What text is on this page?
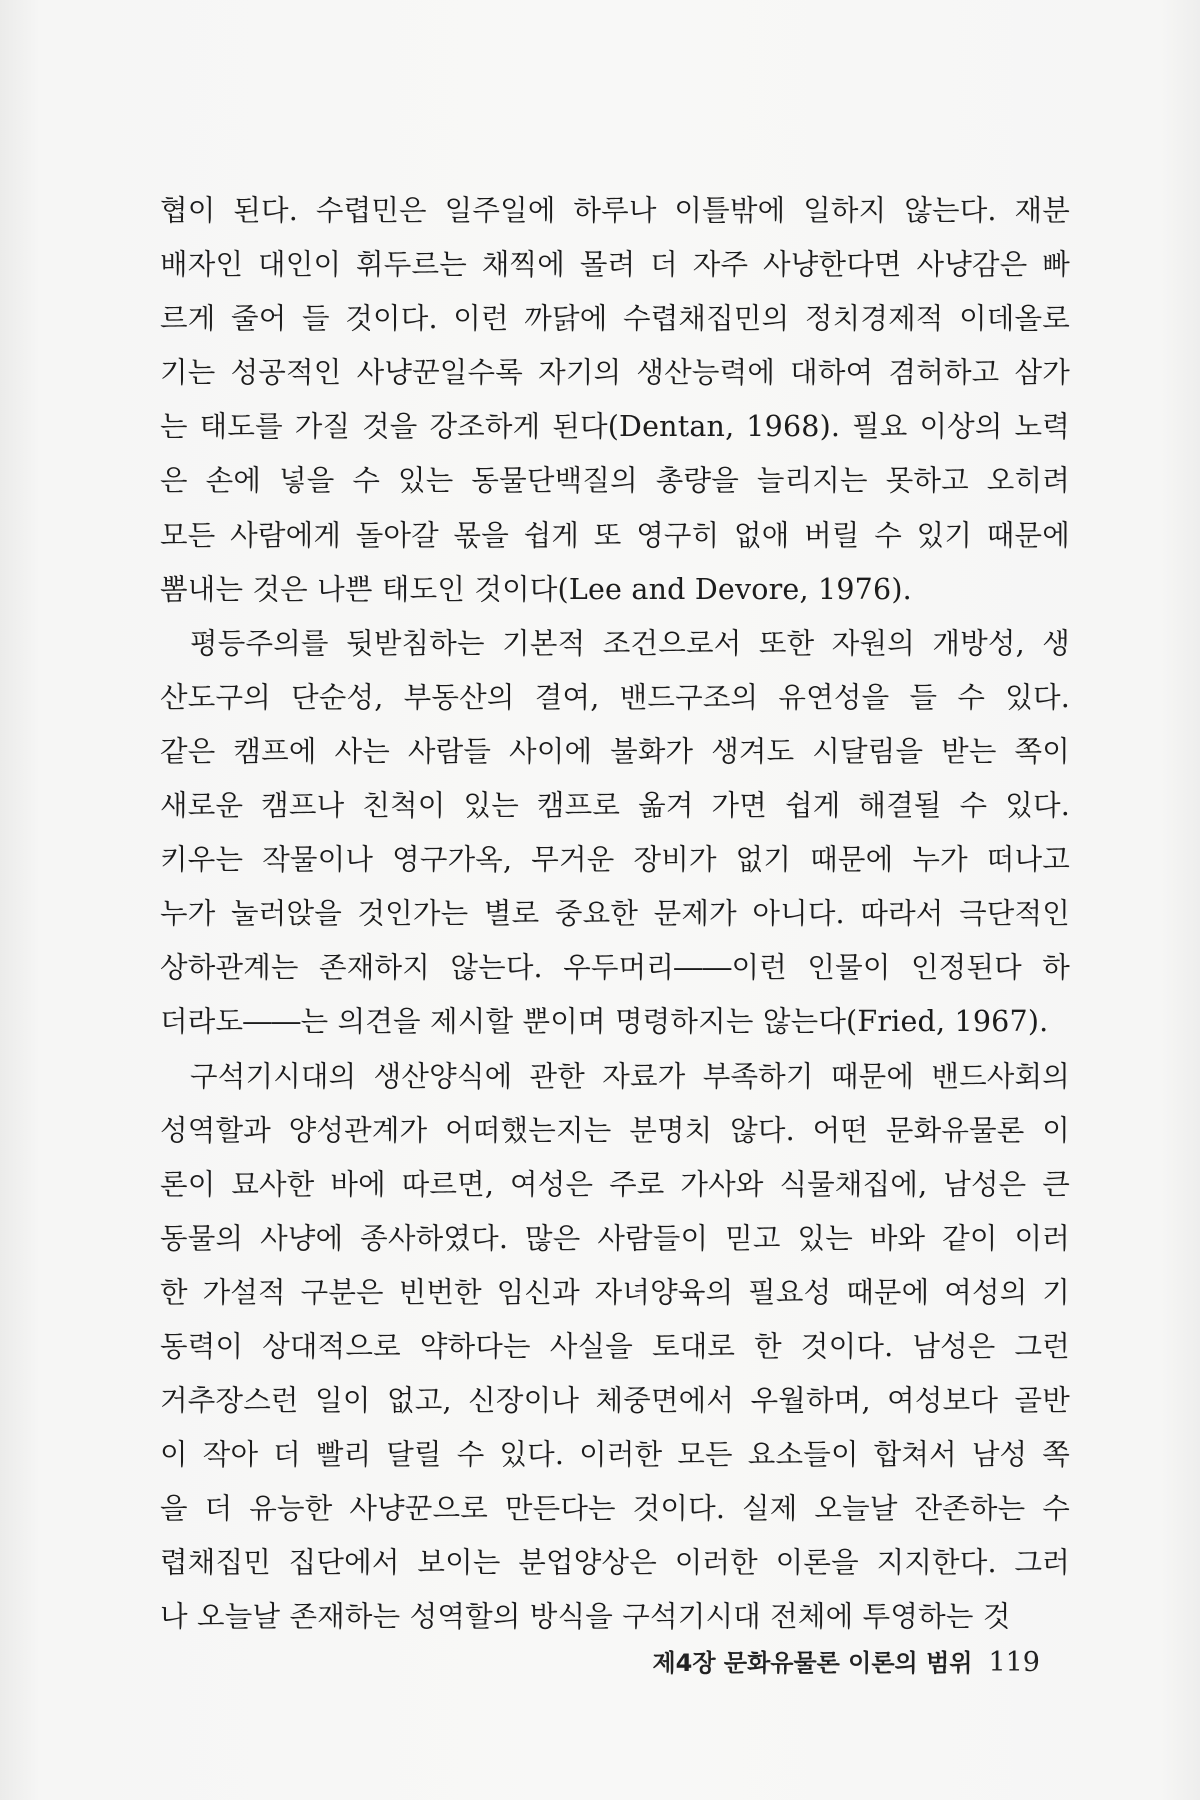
협이 된다. 수렵민은 일주일에 하루나 이틀밖에 일하지 않는다. 재분
배자인 대인이 휘두르는 채찍에 몰려 더 자주 사냥한다면 사냥감은 빠
르게 줄어 들 것이다. 이런 까닭에 수렵채집민의 정치경제적 이데올로
기는 성공적인 사냥꾼일수록 자기의 생산능력에 대하여 겸허하고 삼가
는 태도를 가질 것을 강조하게 된다(Dentan, 1968). 필요 이상의 노력
은 손에 넣을 수 있는 동물단백질의 총량을 늘리지는 못하고 오히려
모든 사람에게 돌아갈 몫을 쉽게 또 영구히 없애 버릴 수 있기 때문에
뽐내는 것은 나쁜 태도인 것이다(Lee and Devore, 1976).
평등주의를 뒷받침하는 기본적 조건으로서 또한 자원의 개방성, 생
산도구의 단순성, 부동산의 결여, 밴드구조의 유연성을 들 수 있다.
같은 캠프에 사는 사람들 사이에 불화가 생겨도 시달림을 받는 쪽이
새로운 캠프나 친척이 있는 캠프로 옮겨 가면 쉽게 해결될 수 있다.
키우는 작물이나 영구가옥, 무거운 장비가 없기 때문에 누가 떠나고
누가 눌러앉을 것인가는 별로 중요한 문제가 아니다. 따라서 극단적인
상하관계는 존재하지 않는다. 우두머리――이런 인물이 인정된다 하
더라도――는 의견을 제시할 뿐이며 명령하지는 않는다(Fried, 1967).
구석기시대의 생산양식에 관한 자료가 부족하기 때문에 밴드사회의
성역할과 양성관계가 어떠했는지는 분명치 않다. 어떤 문화유물론 이
론이 묘사한 바에 따르면, 여성은 주로 가사와 식물채집에, 남성은 큰
동물의 사냥에 종사하였다. 많은 사람들이 믿고 있는 바와 같이 이러
한 가설적 구분은 빈번한 임신과 자녀양육의 필요성 때문에 여성의 기
동력이 상대적으로 약하다는 사실을 토대로 한 것이다. 남성은 그런
거추장스런 일이 없고, 신장이나 체중면에서 우월하며, 여성보다 골반
이 작아 더 빨리 달릴 수 있다. 이러한 모든 요소들이 합쳐서 남성 쪽
을 더 유능한 사냥꾼으로 만든다는 것이다. 실제 오늘날 잔존하는 수
렵채집민 집단에서 보이는 분업양상은 이러한 이론을 지지한다. 그러
나 오늘날 존재하는 성역할의 방식을 구석기시대 전체에 투영하는 것
제4장 문화유물론 이론의 범위 119
